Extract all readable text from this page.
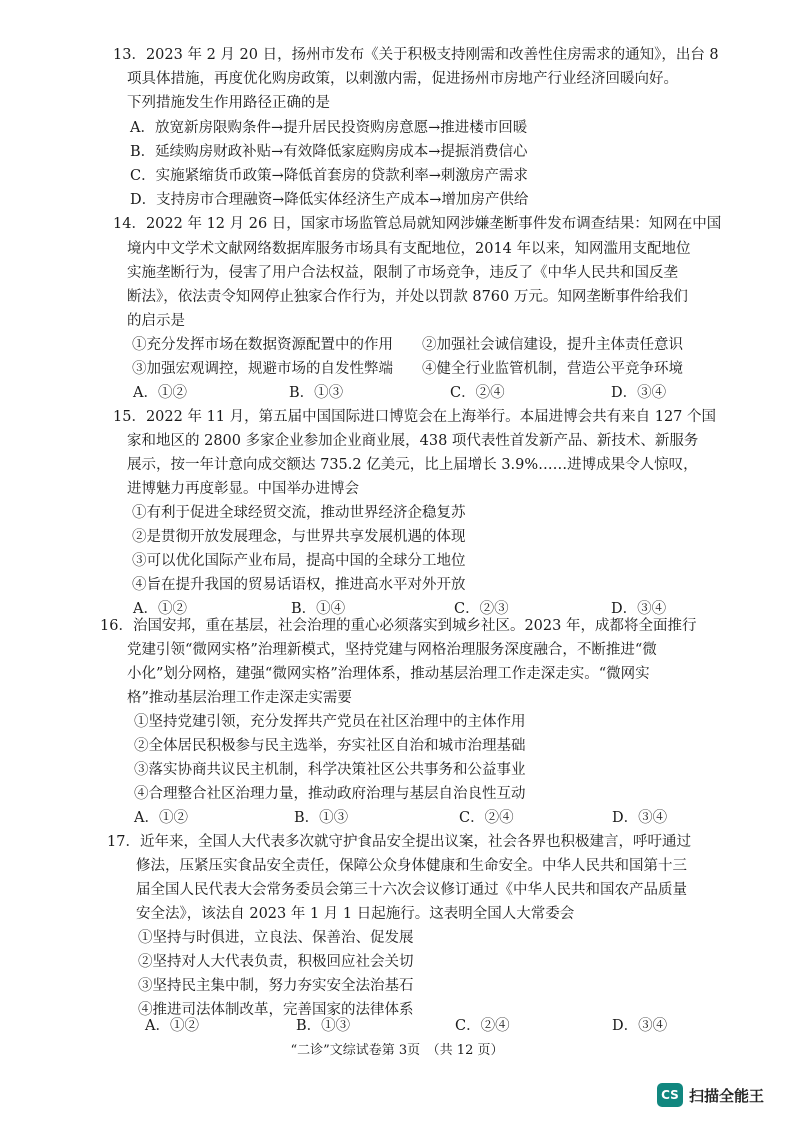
13．2023 年 2 月 20 日，扬州市发布《关于积极支持刚需和改善性住房需求的通知》，出台 8
项具体措施，再度优化购房政策，以刺激内需，促进扬州市房地产行业经济回暖向好。
下列措施发生作用路径正确的是
A．放宽新房限购条件→提升居民投资购房意愿→推进楼市回暖
B．延续购房财政补贴→有效降低家庭购房成本→提振消费信心
C．实施紧缩货币政策→降低首套房的贷款利率→刺激房产需求
D．支持房市合理融资→降低实体经济生产成本→增加房产供给
14．2022 年 12 月 26 日，国家市场监管总局就知网涉嫌垄断事件发布调查结果：知网在中国
境内中文学术文献网络数据库服务市场具有支配地位，2014 年以来，知网滥用支配地位
实施垄断行为，侵害了用户合法权益，限制了市场竞争，违反了《中华人民共和国反垄
断法》，依法责令知网停止独家合作行为，并处以罚款 8760 万元。知网垄断事件给我们
的启示是
①充分发挥市场在数据资源配置中的作用　　②加强社会诚信建设，提升主体责任意识
③加强宏观调控，规避市场的自发性弊端　　④健全行业监管机制，营造公平竞争环境
A．①②	B．①③	C．②④	D．③④
15．2022 年 11 月，第五届中国国际进口博览会在上海举行。本届进博会共有来自 127 个国
家和地区的 2800 多家企业参加企业商业展，438 项代表性首发新产品、新技术、新服务
展示，按一年计意向成交额达 735.2 亿美元，比上届增长 3.9%……进博成果令人惊叹，
进博魅力再度彰显。中国举办进博会
①有利于促进全球经贸交流，推动世界经济企稳复苏
②是贯彻开放发展理念，与世界共享发展机遇的体现
③可以优化国际产业布局，提高中国的全球分工地位
④旨在提升我国的贸易话语权，推进高水平对外开放
A．①②	B．①④	C．②③	D．③④
16．治国安邦，重在基层，社会治理的重心必须落实到城乡社区。2023 年，成都将全面推行
党建引领“微网实格”治理新模式，坚持党建与网格治理服务深度融合，不断推进“微
小化”划分网格，建强“微网实格”治理体系，推动基层治理工作走深走实。“微网实
格”推动基层治理工作走深走实需要
①坚持党建引领，充分发挥共产党员在社区治理中的主体作用
②全体居民积极参与民主选举，夯实社区自治和城市治理基础
③落实协商共议民主机制，科学决策社区公共事务和公益事业
④合理整合社区治理力量，推动政府治理与基层自治良性互动
A．①②	B．①③	C．②④	D．③④
17．近年来，全国人大代表多次就守护食品安全提出议案，社会各界也积极建言，呼吁通过
修法，压紧压实食品安全责任，保障公众身体健康和生命安全。中华人民共和国第十三
届全国人民代表大会常务委员会第三十六次会议修订通过《中华人民共和国农产品质量
安全法》，该法自 2023 年 1 月 1 日起施行。这表明全国人大常委会
①坚持与时俱进，立良法、保善治、促发展
②坚持对人大代表负责，积极回应社会关切
③坚持民主集中制，努力夯实安全法治基石
④推进司法体制改革，完善国家的法律体系
A．①②	B．①③	C．②④	D．③④
“二诊”文综试卷第 3页　（共 12 页）
CS 扫描全能王
